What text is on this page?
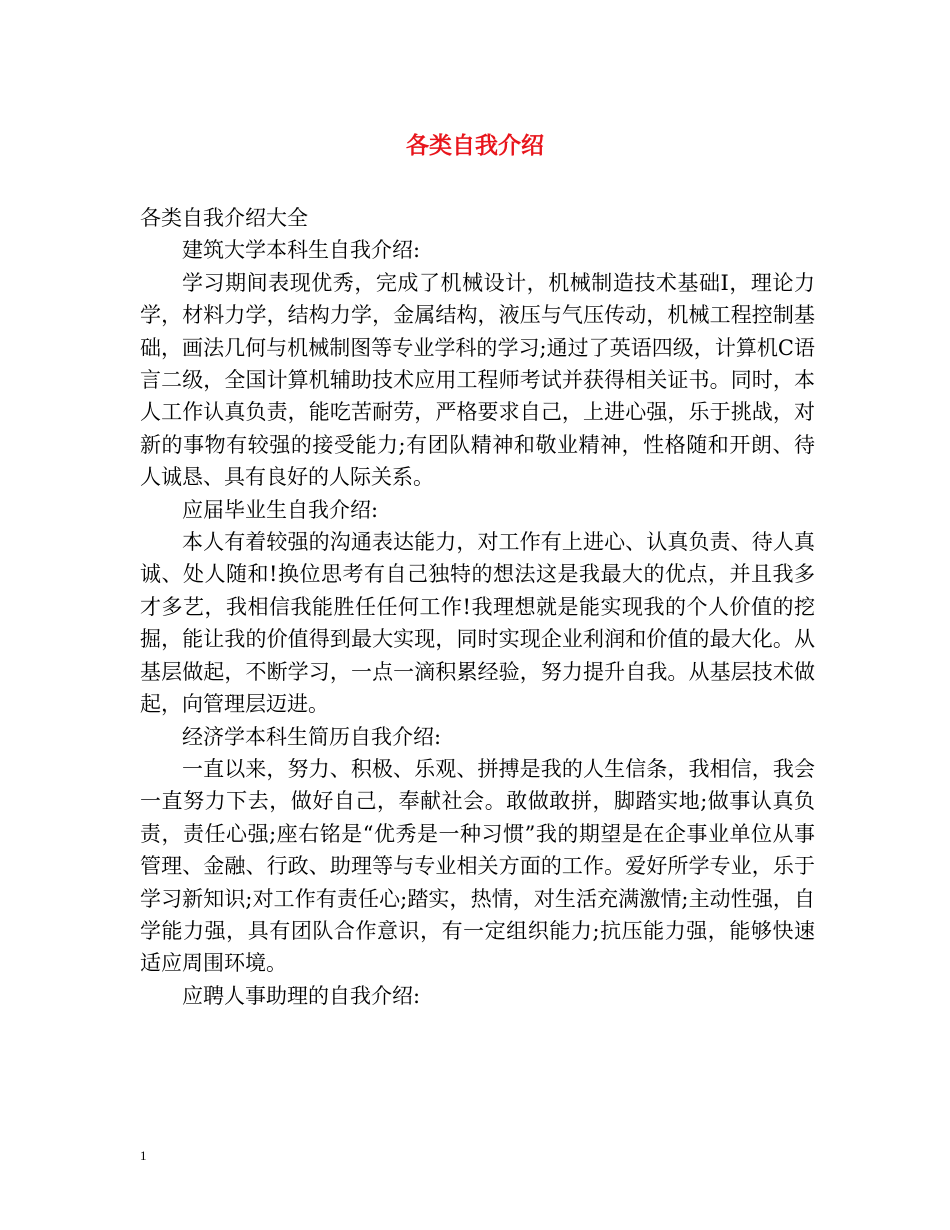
各类自我介绍

各类自我介绍大全

建筑大学本科生自我介绍:

学习期间表现优秀，完成了机械设计，机械制造技术基础Ⅰ，理论力学，材料力学，结构力学，金属结构，液压与气压传动，机械工程控制基础，画法几何与机械制图等专业学科的学习;通过了英语四级，计算机C语言二级，全国计算机辅助技术应用工程师考试并获得相关证书。同时，本人工作认真负责，能吃苦耐劳，严格要求自己，上进心强，乐于挑战，对新的事物有较强的接受能力;有团队精神和敬业精神，性格随和开朗、待人诚恳、具有良好的人际关系。

应届毕业生自我介绍:

本人有着较强的沟通表达能力，对工作有上进心、认真负责、待人真诚、处人随和!换位思考有自己独特的想法这是我最大的优点，并且我多才多艺，我相信我能胜任任何工作!我理想就是能实现我的个人价值的挖掘，能让我的价值得到最大实现，同时实现企业利润和价值的最大化。从基层做起，不断学习，一点一滴积累经验，努力提升自我。从基层技术做起，向管理层迈进。

经济学本科生简历自我介绍:

一直以来，努力、积极、乐观、拼搏是我的人生信条，我相信，我会一直努力下去，做好自己，奉献社会。敢做敢拼，脚踏实地;做事认真负责，责任心强;座右铭是“优秀是一种习惯”我的期望是在企事业单位从事管理、金融、行政、助理等与专业相关方面的工作。爱好所学专业，乐于学习新知识;对工作有责任心;踏实，热情，对生活充满激情;主动性强，自学能力强，具有团队合作意识，有一定组织能力;抗压能力强，能够快速适应周围环境。

应聘人事助理的自我介绍:

1
